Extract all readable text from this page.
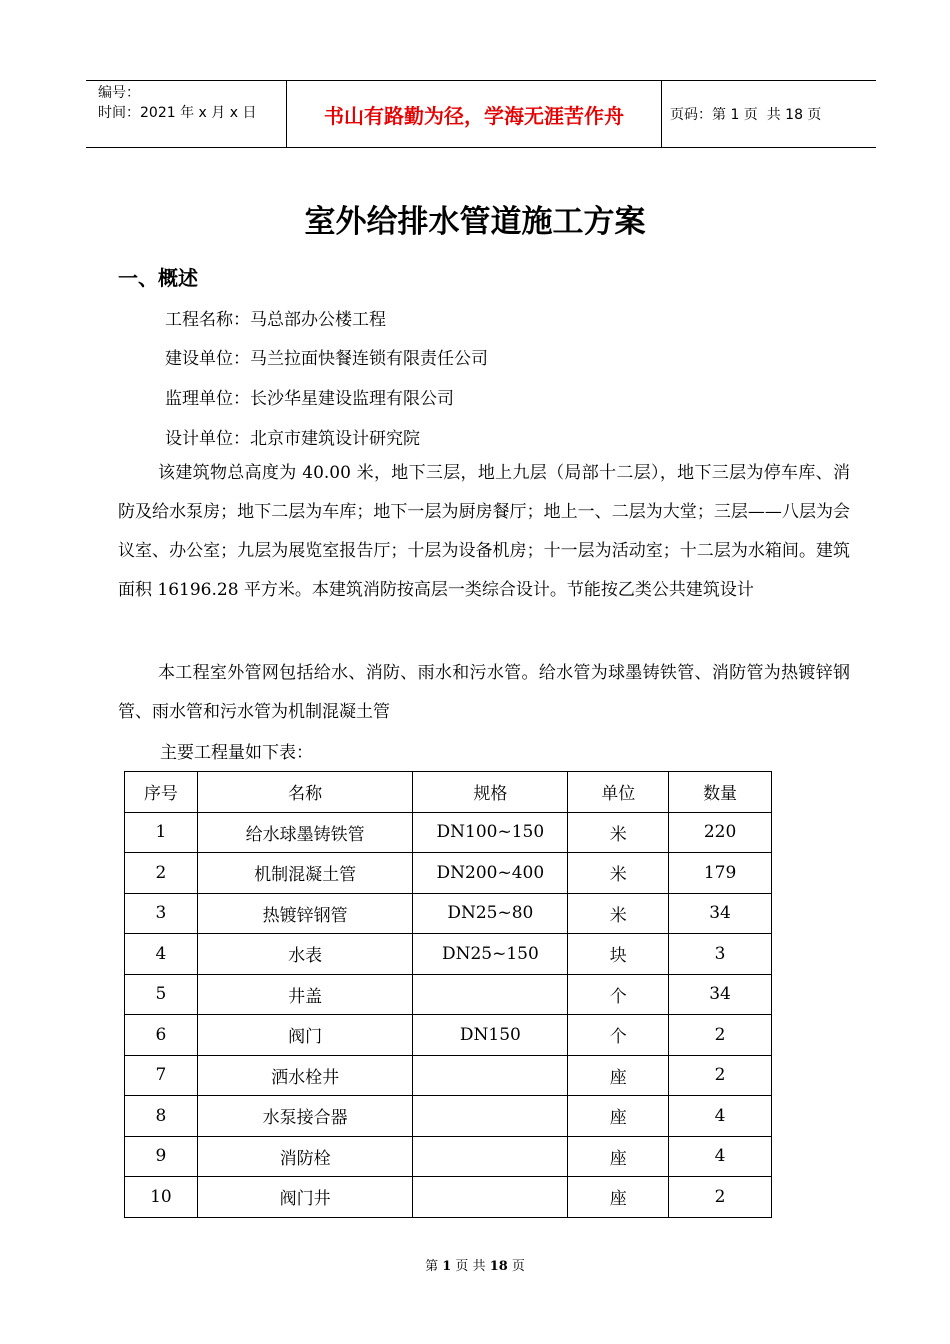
编号：
时间：2021 年 x 月 x 日	书山有路勤为径，学海无涯苦作舟	页码：第 1 页  共 18 页
室外给排水管道施工方案
一、概述
工程名称：马总部办公楼工程
建设单位：马兰拉面快餐连锁有限责任公司
监理单位：长沙华星建设监理有限公司
设计单位：北京市建筑设计研究院
该建筑物总高度为 40.00 米，地下三层，地上九层（局部十二层），地下三层为停车库、消防及给水泵房；地下二层为车库；地下一层为厨房餐厅；地上一、二层为大堂；三层——八层为会议室、办公室；九层为展览室报告厅；十层为设备机房；十一层为活动室；十二层为水箱间。建筑面积 16196.28 平方米。本建筑消防按高层一类综合设计。节能按乙类公共建筑设计
本工程室外管网包括给水、消防、雨水和污水管。给水管为球墨铸铁管、消防管为热镀锌钢管、雨水管和污水管为机制混凝土管
主要工程量如下表：
序号	名称	规格	单位	数量
1	给水球墨铸铁管	DN100~150	米	220
2	机制混凝土管	DN200~400	米	179
3	热镀锌钢管	DN25~80	米	34
4	水表	DN25~150	块	3
5	井盖		个	34
6	阀门	DN150	个	2
7	洒水栓井		座	2
8	水泵接合器		座	4
9	消防栓		座	4
10	阀门井		座	2
第 1 页 共 18 页
